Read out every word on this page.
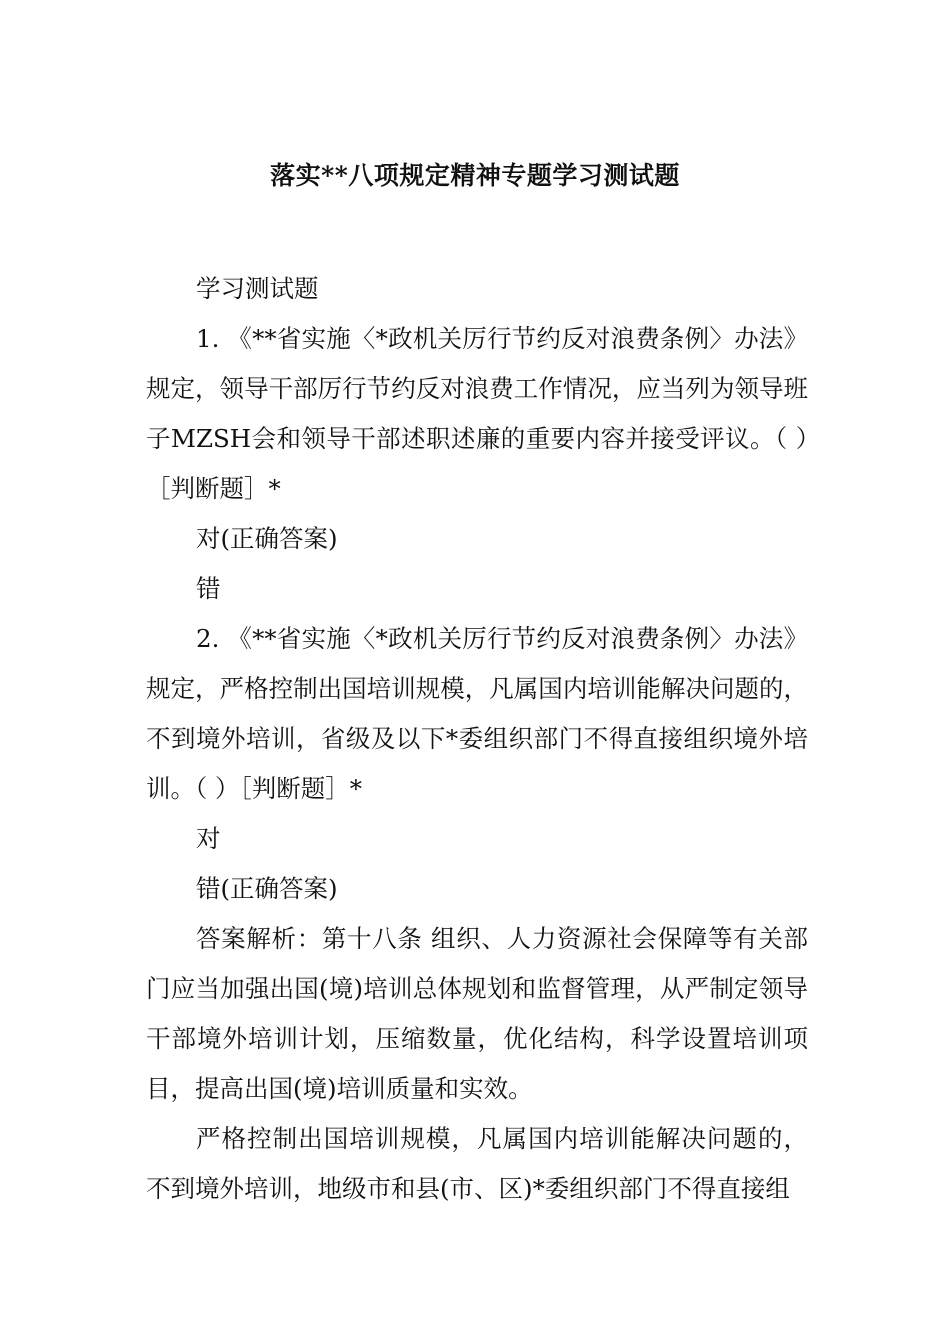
落实**八项规定精神专题学习测试题

学习测试题

1. 《**省实施〈*政机关厉行节约反对浪费条例〉办法》规定，领导干部厉行节约反对浪费工作情况，应当列为领导班子MZSH会和领导干部述职述廉的重要内容并接受评议。（ ）［判断题］*

对(正确答案)

错

2. 《**省实施〈*政机关厉行节约反对浪费条例〉办法》规定，严格控制出国培训规模，凡属国内培训能解决问题的，不到境外培训，省级及以下*委组织部门不得直接组织境外培训。（ ）［判断题］*

对

错(正确答案)

答案解析：第十八条 组织、人力资源社会保障等有关部门应当加强出国(境)培训总体规划和监督管理，从严制定领导干部境外培训计划，压缩数量，优化结构，科学设置培训项目，提高出国(境)培训质量和实效。

严格控制出国培训规模，凡属国内培训能解决问题的，不到境外培训，地级市和县(市、区)*委组织部门不得直接组
